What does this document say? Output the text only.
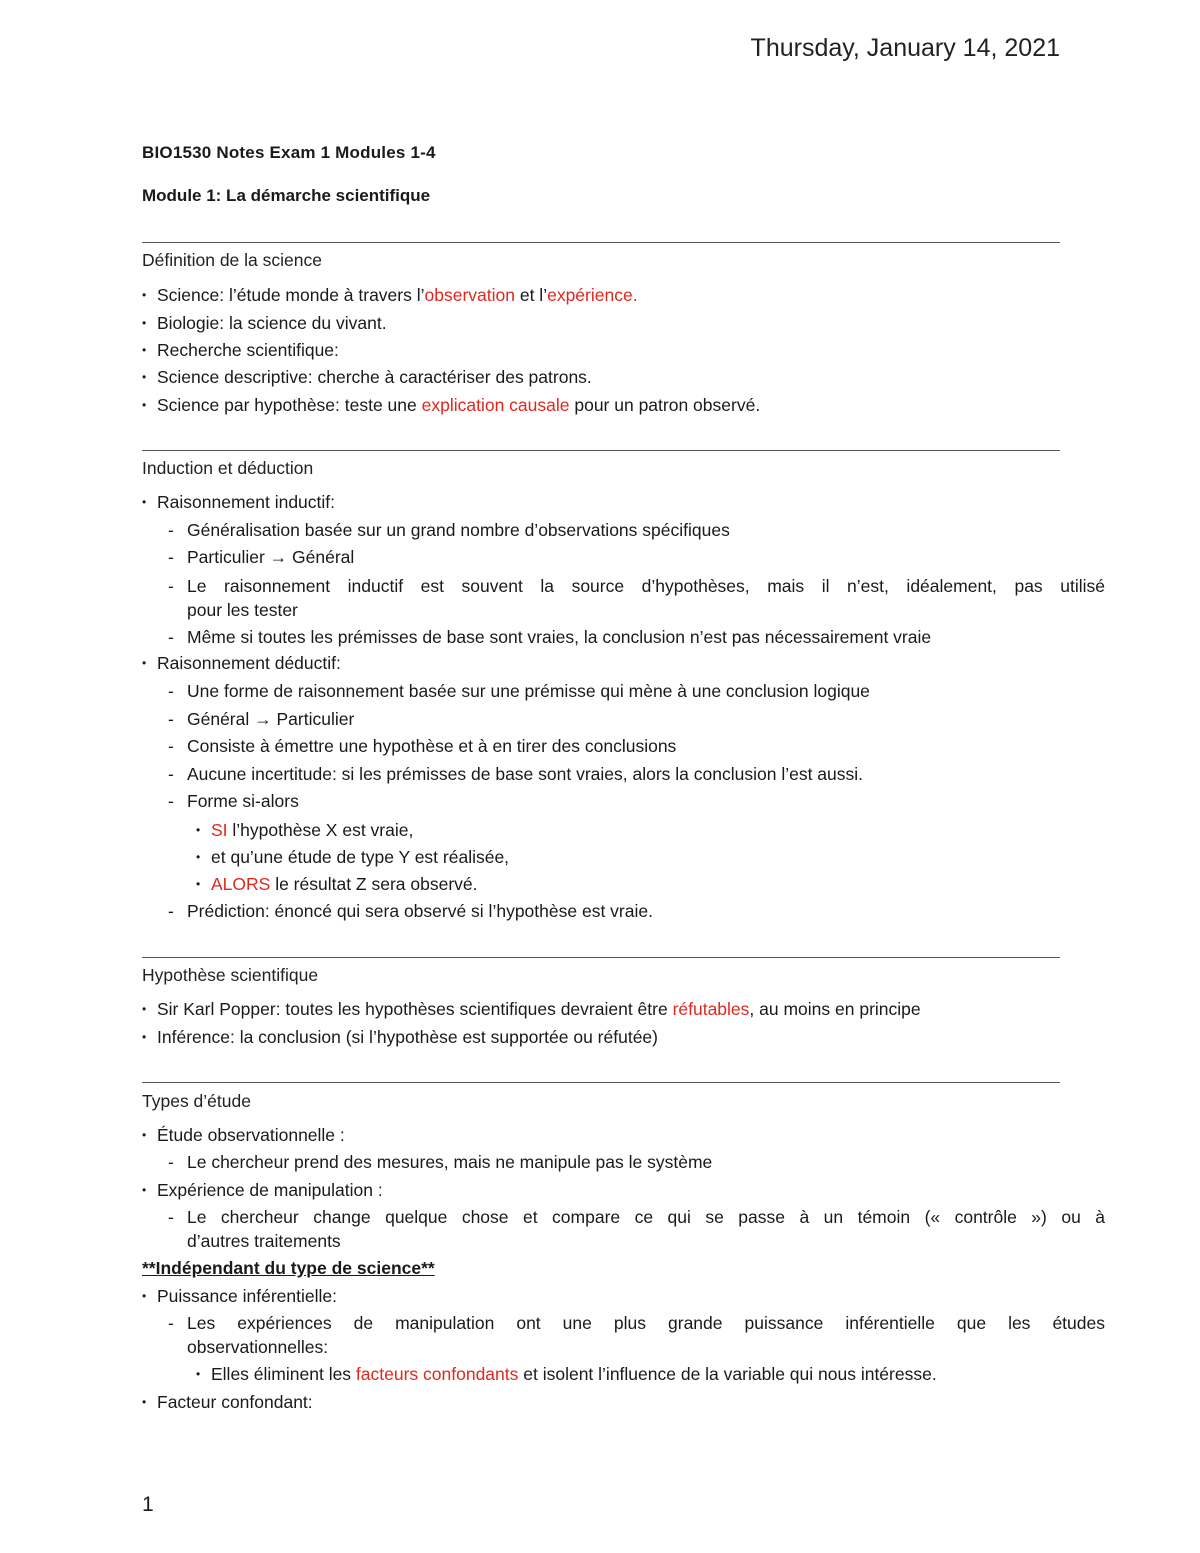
Thursday, January 14, 2021
BIO1530 Notes Exam 1 Modules 1-4
Module 1: La démarche scientifique
Définition de la science
• Science: l’étude monde à travers l’observation et l’expérience.
• Biologie: la science du vivant.
• Recherche scientifique:
• Science descriptive: cherche à caractériser des patrons.
• Science par hypothèse: teste une explication causale pour un patron observé.
Induction et déduction
• Raisonnement inductif:
- Généralisation basée sur un grand nombre d’observations spécifiques
- Particulier → Général
- Le raisonnement inductif est souvent la source d’hypothèses, mais il n’est, idéalement, pas utilisé
pour les tester
- Même si toutes les prémisses de base sont vraies, la conclusion n’est pas nécessairement vraie
• Raisonnement déductif:
- Une forme de raisonnement basée sur une prémisse qui mène à une conclusion logique
- Général → Particulier
- Consiste à émettre une hypothèse et à en tirer des conclusions
- Aucune incertitude: si les prémisses de base sont vraies, alors la conclusion l’est aussi.
- Forme si-alors
• SI l’hypothèse X est vraie,
• et qu’une étude de type Y est réalisée,
• ALORS le résultat Z sera observé.
- Prédiction: énoncé qui sera observé si l’hypothèse est vraie.
Hypothèse scientifique
• Sir Karl Popper: toutes les hypothèses scientifiques devraient être réfutables, au moins en principe
• Inférence: la conclusion (si l’hypothèse est supportée ou réfutée)
Types d’étude
• Étude observationnelle :
- Le chercheur prend des mesures, mais ne manipule pas le système
• Expérience de manipulation :
- Le chercheur change quelque chose et compare ce qui se passe à un témoin (« contrôle ») ou à
d’autres traitements
**Indépendant du type de science**
• Puissance inférentielle:
- Les expériences de manipulation ont une plus grande puissance inférentielle que les études
observationnelles:
• Elles éliminent les facteurs confondants et isolent l’influence de la variable qui nous intéresse.
• Facteur confondant:
1
